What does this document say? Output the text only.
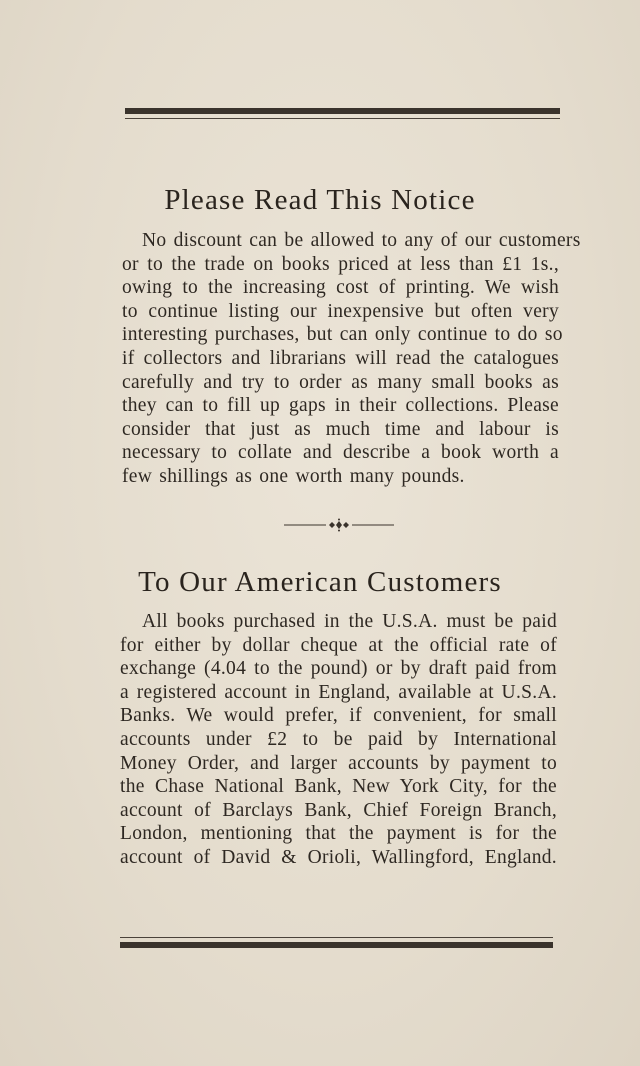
Please Read This Notice
No discount can be allowed to any of our customers
or to the trade on books priced at less than £1 1s.,
owing to the increasing cost of printing. We wish
to continue listing our inexpensive but often very
interesting purchases, but can only continue to do so
if collectors and librarians will read the catalogues
carefully and try to order as many small books as
they can to fill up gaps in their collections. Please
consider that just as much time and labour is
necessary to collate and describe a book worth a
few shillings as one worth many pounds.
To Our American Customers
All books purchased in the U.S.A. must be paid
for either by dollar cheque at the official rate of
exchange (4.04 to the pound) or by draft paid from
a registered account in England, available at U.S.A.
Banks. We would prefer, if convenient, for small
accounts under £2 to be paid by International
Money Order, and larger accounts by payment to
the Chase National Bank, New York City, for the
account of Barclays Bank, Chief Foreign Branch,
London, mentioning that the payment is for the
account of David & Orioli, Wallingford, England.
